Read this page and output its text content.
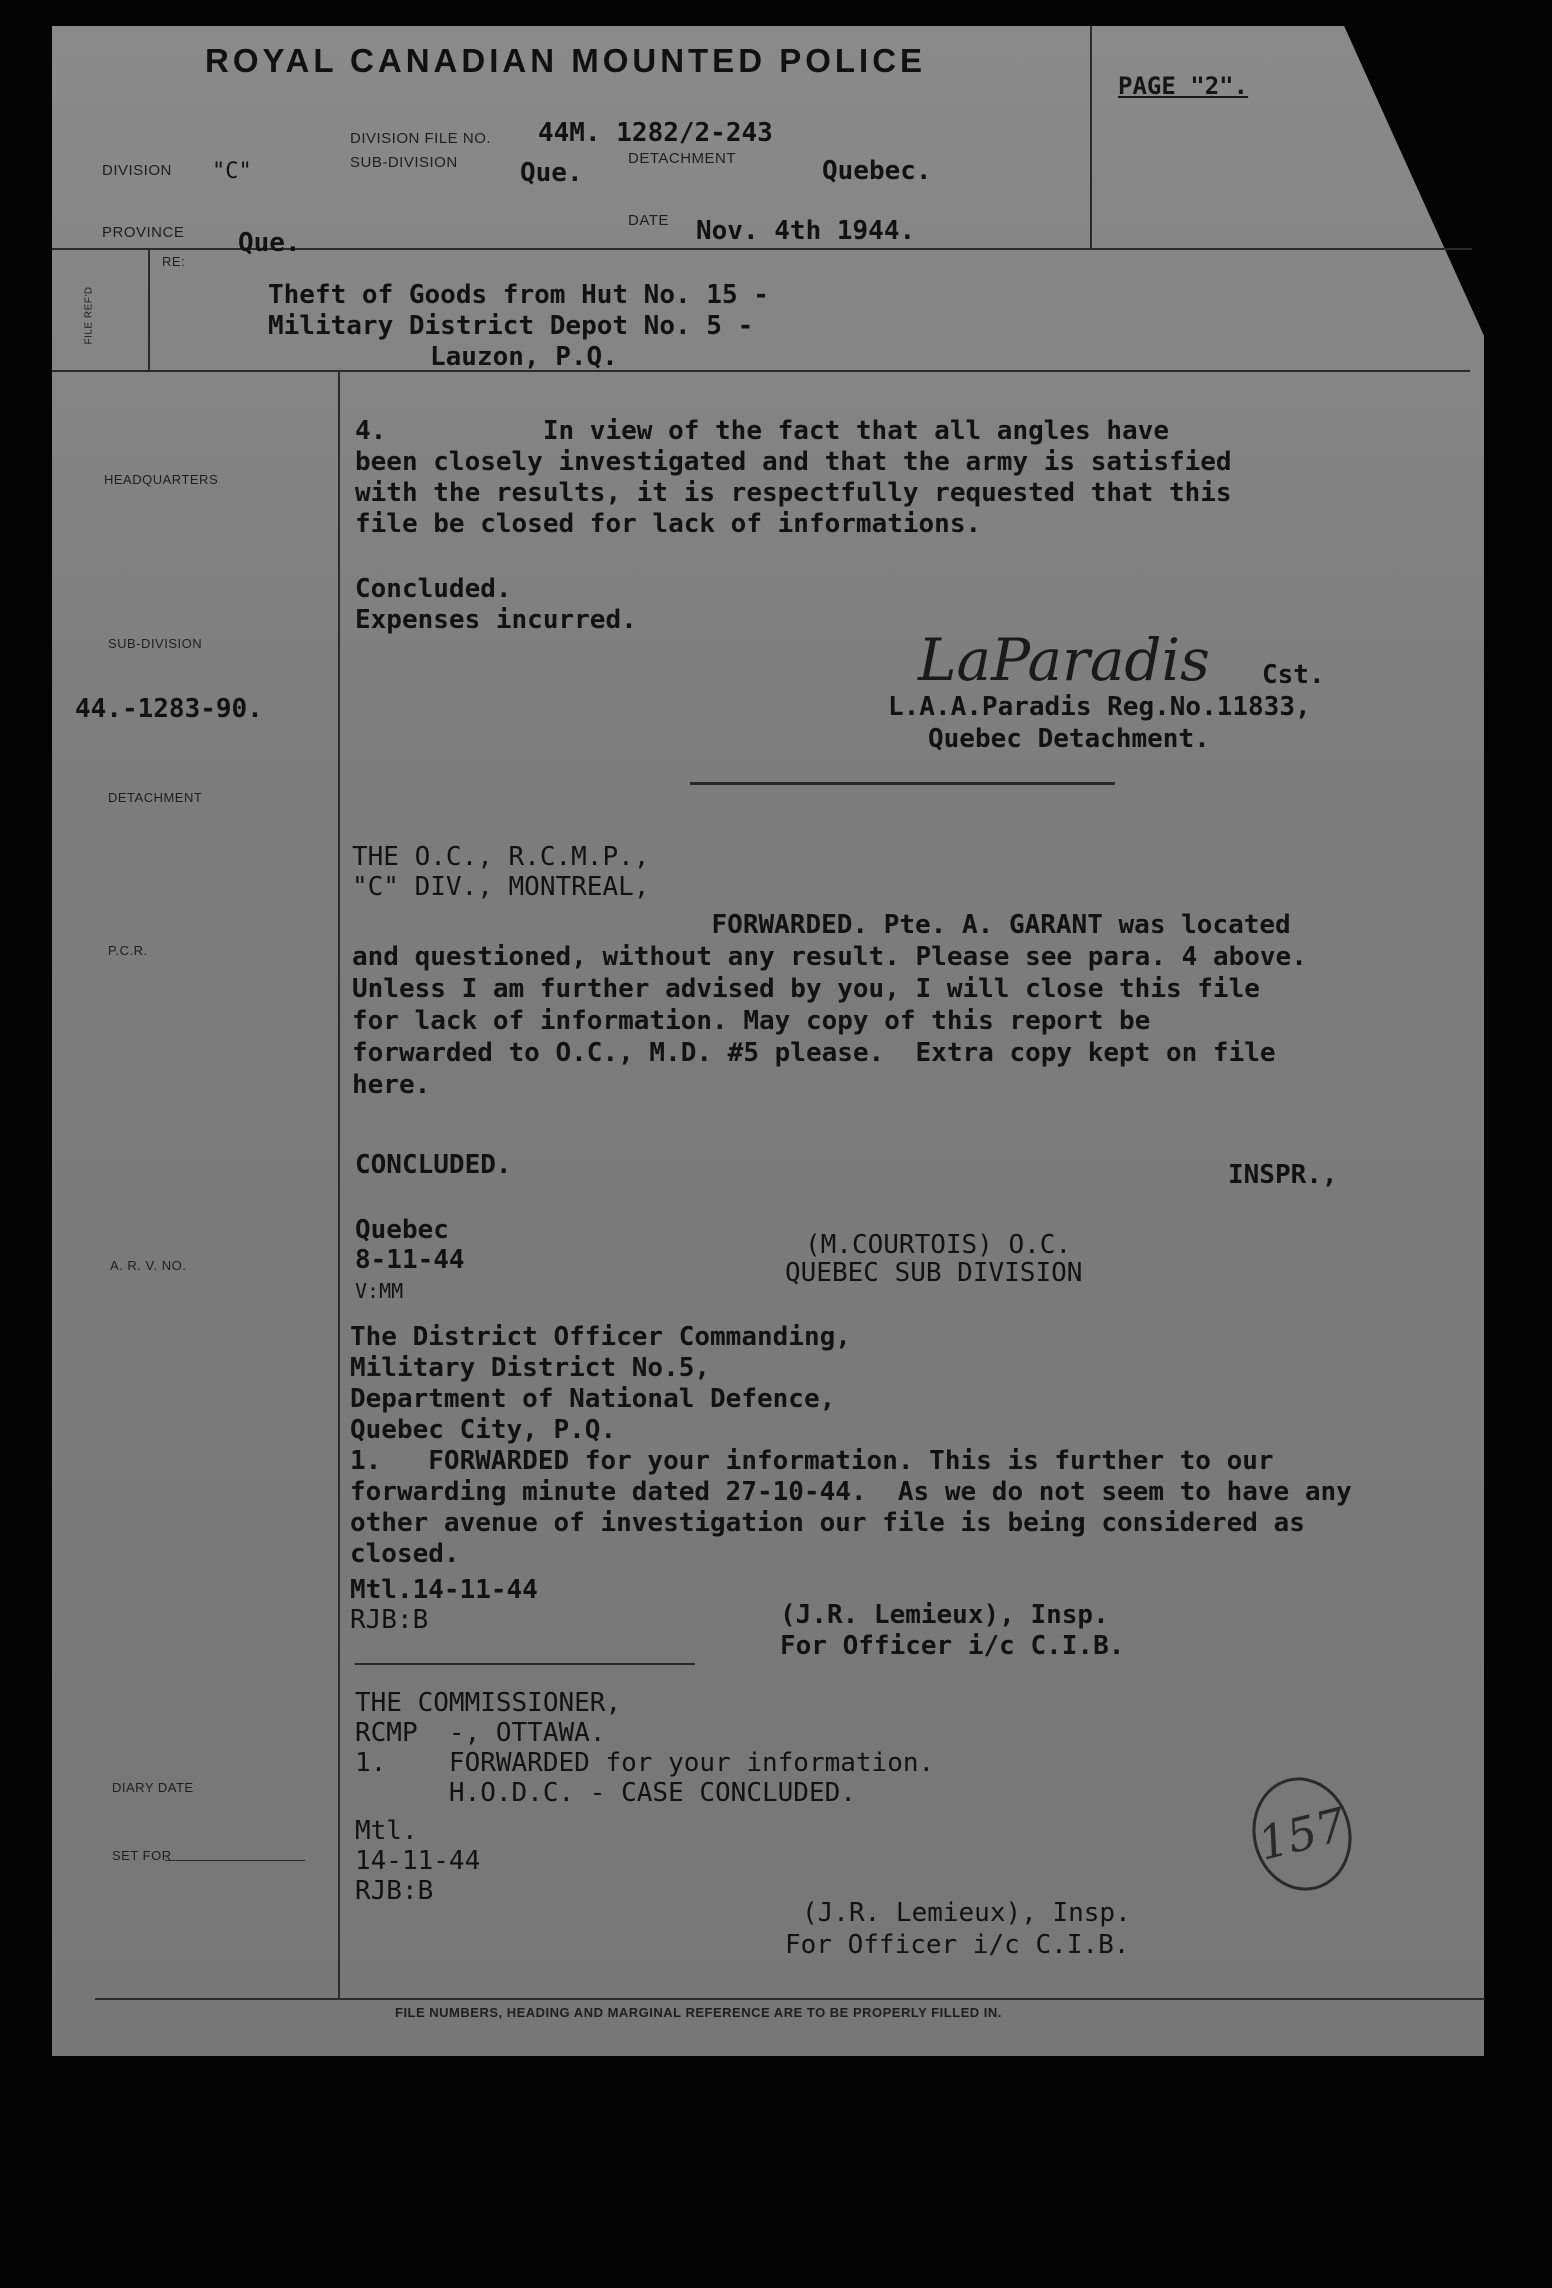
ROYAL CANADIAN MOUNTED POLICE
PAGE "2".
DIVISION "C"
DIVISION FILE NO. 44M. 1282/2-243
SUB-DIVISION Que.	DETACHMENT	Quebec.
PROVINCE Que.
DATE Nov. 4th 1944.
RE:
FILE REF'D	Theft of Goods from Hut No. 15 -
Military District Depot No. 5 -
Lauzon, P.Q.
HEADQUARTERS
SUB-DIVISION
44.-1283-90.
DETACHMENT
P.C.R.
A. R. V. NO.
DIARY DATE
SET FOR
4.          In view of the fact that all angles have
been closely investigated and that the army is satisfied
with the results, it is respectfully requested that this
file be closed for lack of informations.
Concluded.
Expenses incurred.
LaParadis Cst.
L.A.A.Paradis Reg.No.11833,
Quebec Detachment.
THE O.C., R.C.M.P.,
"C" DIV., MONTREAL,
FORWARDED. Pte. A. GARANT was located
and questioned, without any result. Please see para. 4 above.
Unless I am further advised by you, I will close this file
for lack of information. May copy of this report be
forwarded to O.C., M.D. #5 please.  Extra copy kept on file
here.
CONCLUDED.	INSPR.,
Quebec
8-11-44
V:MM
(M.COURTOIS) O.C.
QUEBEC SUB DIVISION
The District Officer Commanding,
Military District No.5,
Department of National Defence,
Quebec City, P.Q.
1.   FORWARDED for your information. This is further to our
forwarding minute dated 27-10-44.  As we do not seem to have any
other avenue of investigation our file is being considered as
closed.
Mtl.14-11-44
RJB:B	(J.R. Lemieux), Insp.
For Officer i/c C.I.B.
THE COMMISSIONER,
RCMP  -, OTTAWA.
1.    FORWARDED for your information.
H.O.D.C. - CASE CONCLUDED.
Mtl.
14-11-44
RJB:B
(J.R. Lemieux), Insp.
For Officer i/c C.I.B.
157
FILE NUMBERS, HEADING AND MARGINAL REFERENCE ARE TO BE PROPERLY FILLED IN.
